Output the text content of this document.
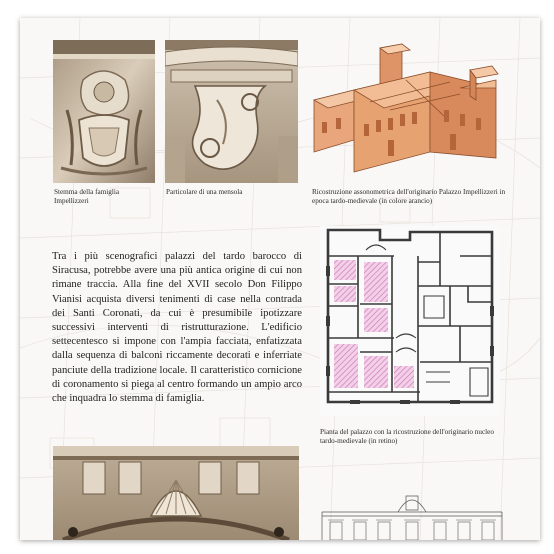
Stemma della famiglia Impellizzeri
Particolare di una mensola	Ricostruzione assonometrica dell'originario Palazzo Impellizzeri in epoca tardo-medievale (in colore arancio)

Tra i più scenografici palazzi del tardo barocco di Siracusa, potrebbe avere una più antica origine di cui non rimane traccia. Alla fine del XVII secolo Don Filippo Vianisi acquista diversi tenimenti di case nella contrada dei Santi Coronati, da cui è presumibile ipotizzare successivi interventi di ristrutturazione. L'edificio settecentesco si impone con l'ampia facciata, enfatizzata dalla sequenza di balconi riccamente decorati e inferriate panciute della tradizione locale. Il caratteristico cornicione di coronamento si piega al centro formando un ampio arco che inquadra lo stemma di famiglia.

Pianta del palazzo con la ricostruzione dell'originario nucleo tardo-medievale (in retino)
